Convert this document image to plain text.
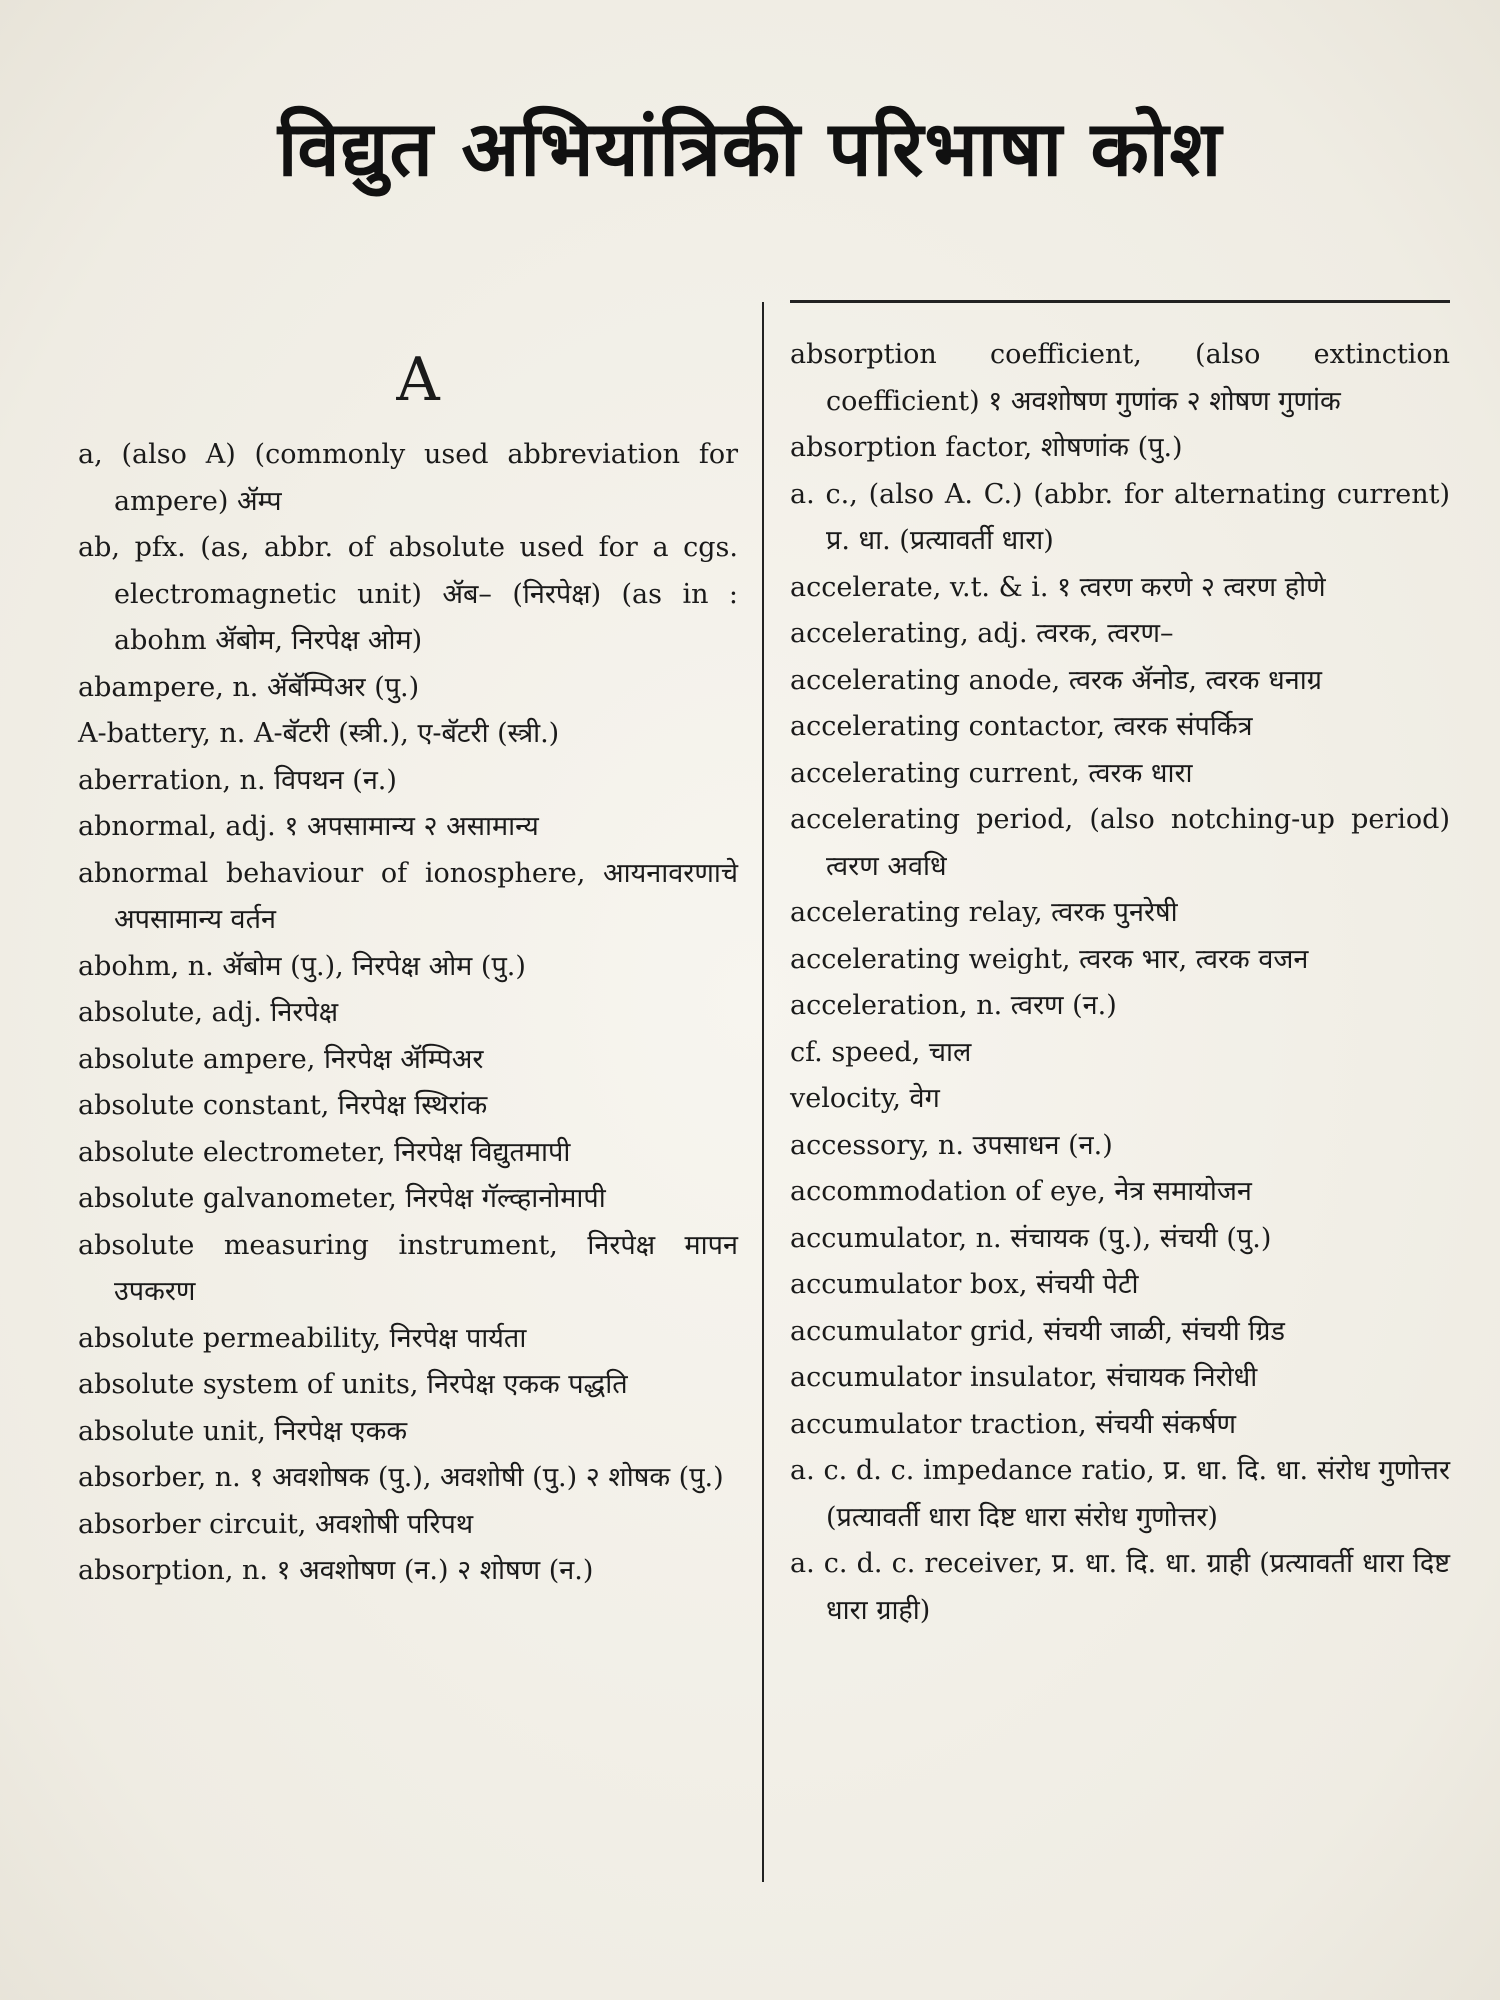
विद्युत अभियांत्रिकी परिभाषा कोश
A
a, (also A) (commonly used abbreviation for ampere) ॲम्प
ab, pfx. (as, abbr. of absolute used for a cgs. electromagnetic unit) ॲब– (निरपेक्ष) (as in : abohm ॲबोम, निरपेक्ष ओम)
abampere, n. ॲबॅम्पिअर (पु.)
A-battery, n. A-बॅटरी (स्त्री.), ए-बॅटरी (स्त्री.)
aberration, n. विपथन (न.)
abnormal, adj. १ अपसामान्य २ असामान्य
abnormal behaviour of ionosphere, आयनावरणाचे अपसामान्य वर्तन
abohm, n. ॲबोम (पु.), निरपेक्ष ओम (पु.)
absolute, adj. निरपेक्ष
absolute ampere, निरपेक्ष ॲम्पिअर
absolute constant, निरपेक्ष स्थिरांक
absolute electrometer, निरपेक्ष विद्युतमापी
absolute galvanometer, निरपेक्ष गॅल्व्हानोमापी
absolute measuring instrument, निरपेक्ष मापन उपकरण
absolute permeability, निरपेक्ष पार्यता
absolute system of units, निरपेक्ष एकक पद्धति
absolute unit, निरपेक्ष एकक
absorber, n. १ अवशोषक (पु.), अवशोषी (पु.) २ शोषक (पु.)
absorber circuit, अवशोषी परिपथ
absorption, n. १ अवशोषण (न.) २ शोषण (न.)
absorption coefficient, (also extinction coefficient) १ अवशोषण गुणांक २ शोषण गुणांक
absorption factor, शोषणांक (पु.)
a. c., (also A. C.) (abbr. for alternating current) प्र. धा. (प्रत्यावर्ती धारा)
accelerate, v.t. & i. १ त्वरण करणे २ त्वरण होणे
accelerating, adj. त्वरक, त्वरण–
accelerating anode, त्वरक ॲनोड, त्वरक धनाग्र
accelerating contactor, त्वरक संपर्कित्र
accelerating current, त्वरक धारा
accelerating period, (also notching-up period) त्वरण अवधि
accelerating relay, त्वरक पुनरेषी
accelerating weight, त्वरक भार, त्वरक वजन
acceleration, n. त्वरण (न.)
cf. speed, चाल
velocity, वेग
accessory, n. उपसाधन (न.)
accommodation of eye, नेत्र समायोजन
accumulator, n. संचायक (पु.), संचयी (पु.)
accumulator box, संचयी पेटी
accumulator grid, संचयी जाळी, संचयी ग्रिड
accumulator insulator, संचायक निरोधी
accumulator traction, संचयी संकर्षण
a. c. d. c. impedance ratio, प्र. धा. दि. धा. संरोध गुणोत्तर (प्रत्यावर्ती धारा दिष्ट धारा संरोध गुणोत्तर)
a. c. d. c. receiver, प्र. धा. दि. धा. ग्राही (प्रत्यावर्ती धारा दिष्ट धारा ग्राही)
